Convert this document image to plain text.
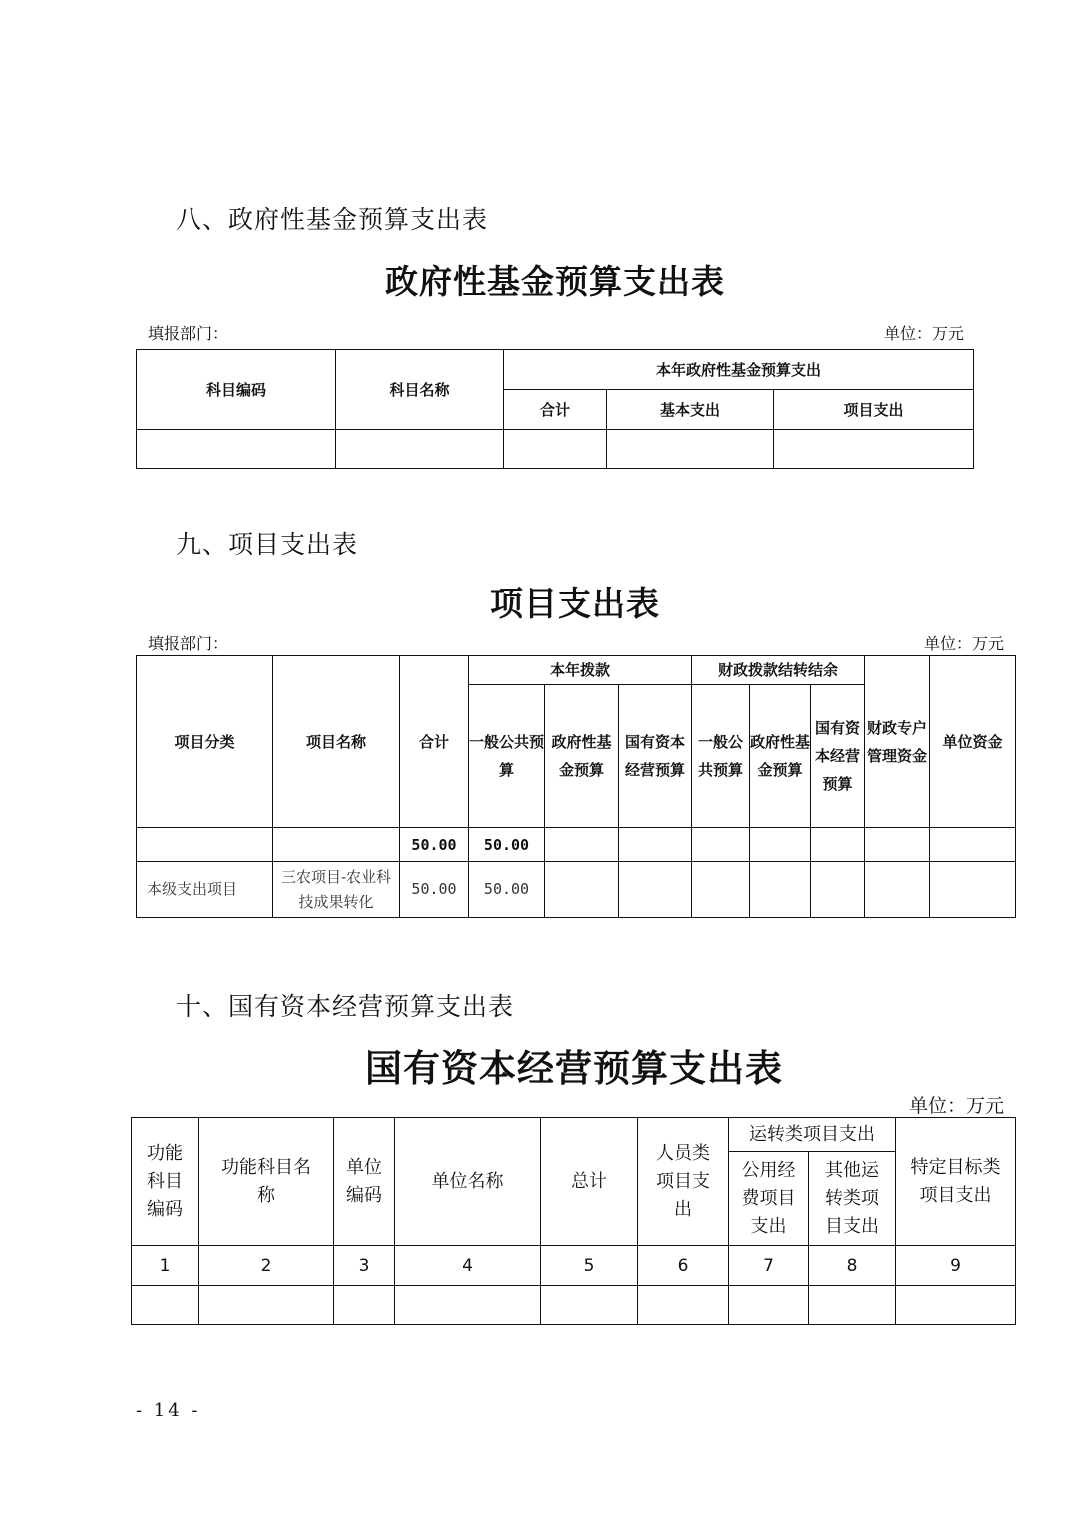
八、政府性基金预算支出表
政府性基金预算支出表
填报部门：	单位：万元
科目编码	科目名称	本年政府性基金预算支出		
		合计	基本支出	项目支出

九、项目支出表
项目支出表
填报部门：	单位：万元
项目分类	项目名称	合计	本年拨款			财政拨款结转结余			财政专户管理资金	单位资金
			一般公共预算	政府性基金预算	国有资本经营预算	一般公共预算	政府性基金预算	国有资本经营预算		
		50.00	50.00							
本级支出项目	三农项目-农业科技成果转化	50.00	50.00							
十、国有资本经营预算支出表
国有资本经营预算支出表
单位：万元
功能科目编码	功能科目名称	单位编码	单位名称	总计	人员类项目支出	运转类项目支出		特定目标类项目支出
						公用经费项目支出	其他运转类项目支出	
1	2	3	4	5	6	7	8	9

- 14 -
